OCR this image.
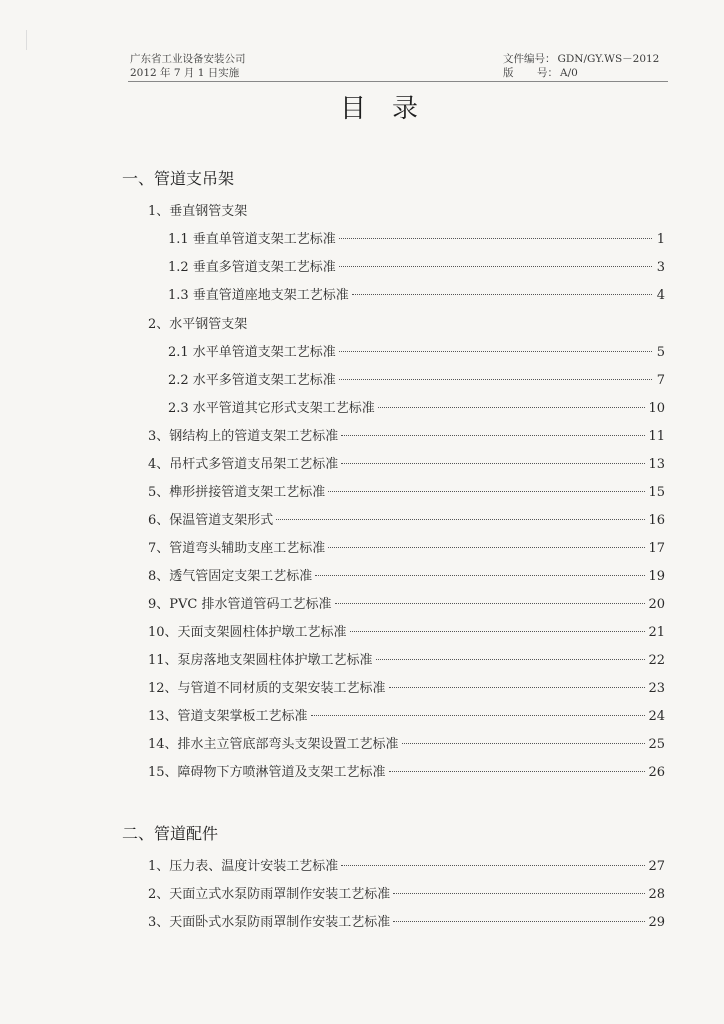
广东省工业设备安装公司
2012 年 7 月 1 日实施
文件编号： GDN/GY.WS－2012
版 号： A/0
目录
一、管道支吊架
1、垂直钢管支架
1.1 垂直单管道支架工艺标准	1
1.2 垂直多管道支架工艺标准	3
1.3 垂直管道座地支架工艺标准	4
2、水平钢管支架
2.1 水平单管道支架工艺标准	5
2.2 水平多管道支架工艺标准	7
2.3 水平管道其它形式支架工艺标准	10
3、钢结构上的管道支架工艺标准	11
4、吊杆式多管道支吊架工艺标准	13
5、榫形拼接管道支架工艺标准	15
6、保温管道支架形式	16
7、管道弯头辅助支座工艺标准	17
8、透气管固定支架工艺标准	19
9、PVC 排水管道管码工艺标准	20
10、天面支架圆柱体护墩工艺标准	21
11、泵房落地支架圆柱体护墩工艺标准	22
12、与管道不同材质的支架安装工艺标准	23
13、管道支架掌板工艺标准	24
14、排水主立管底部弯头支架设置工艺标准	25
15、障碍物下方喷淋管道及支架工艺标准	26
二、管道配件
1、压力表、温度计安装工艺标准	27
2、天面立式水泵防雨罩制作安装工艺标准	28
3、天面卧式水泵防雨罩制作安装工艺标准	29
